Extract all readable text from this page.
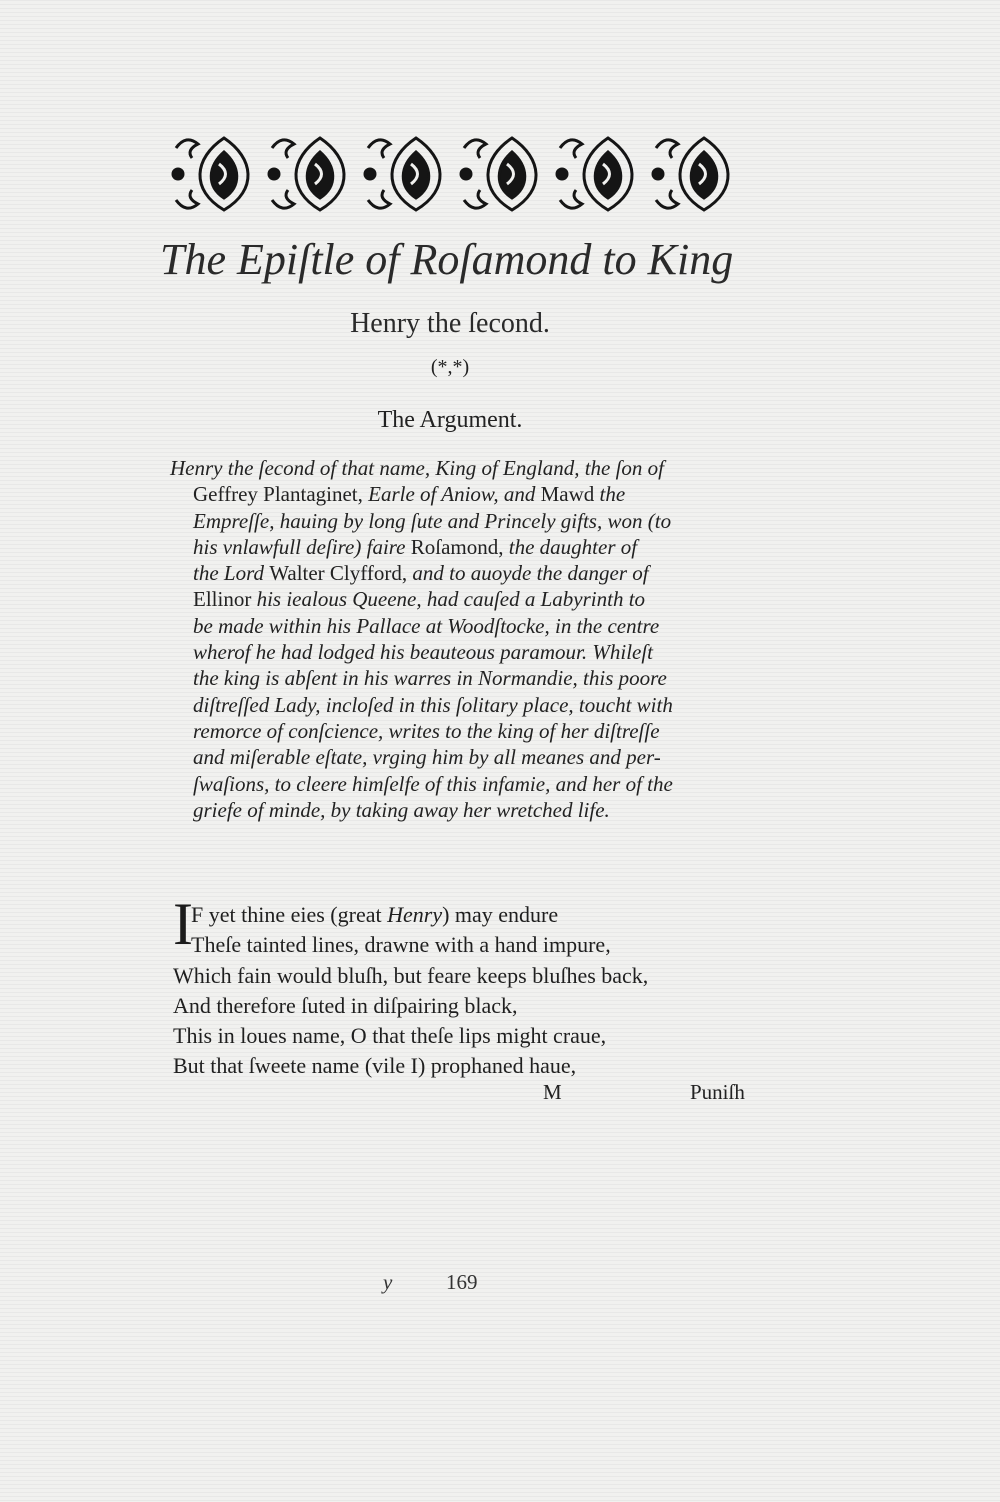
The Epiſtle of Roſamond to King
Henry the ſecond.
(*,*)
The Argument.
Henry the ſecond of that name, King of England, the ſon of
Geffrey Plantaginet, Earle of Aniow, and Mawd the
Empreſſe, hauing by long ſute and Princely gifts, won (to
his vnlawfull deſire) faire Roſamond, the daughter of
the Lord Walter Clyfford, and to auoyde the danger of
Ellinor his iealous Queene, had cauſed a Labyrinth to
be made within his Pallace at Woodſtocke, in the centre
wherof he had lodged his beauteous paramour. Whileſt
the king is abſent in his warres in Normandie, this poore
diſtreſſed Lady, incloſed in this ſolitary place, toucht with
remorce of conſcience, writes to the king of her diſtreſſe
and miſerable eſtate, vrging him by all meanes and per-
ſwaſions, to cleere himſelfe of this infamie, and her of the
griefe of minde, by taking away her wretched life.
I
F yet thine eies (great Henry) may endure
Theſe tainted lines, drawne with a hand impure,
Which fain would bluſh, but feare keeps bluſhes back,
And therefore ſuted in diſpairing black,
This in loues name, O that theſe lips might craue,
But that ſweete name (vile I) prophaned haue,
M	Puniſh
y	169
